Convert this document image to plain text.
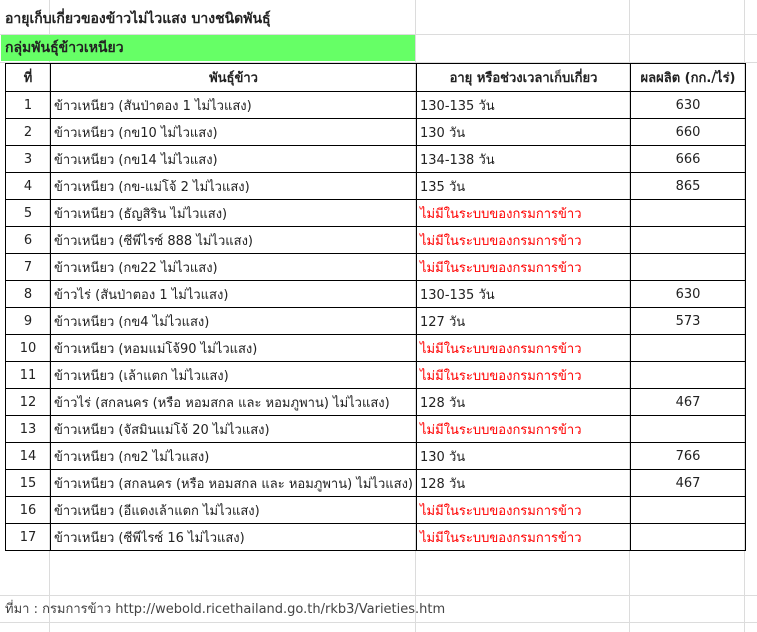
อายุเก็บเกี่ยวของข้าวไม่ไวแสง บางชนิดพันธุ์
กลุ่มพันธุ์ข้าวเหนียว
ที่	พันธุ์ข้าว	อายุ หรือช่วงเวลาเก็บเกี่ยว	ผลผลิต (กก./ไร่)
1	ข้าวเหนียว (สันป่าตอง 1 ไม่ไวแสง)	130-135 วัน	630
2	ข้าวเหนียว (กข10 ไม่ไวแสง)	130 วัน	660
3	ข้าวเหนียว (กข14 ไม่ไวแสง)	134-138 วัน	666
4	ข้าวเหนียว (กข-แม่โจ้ 2 ไม่ไวแสง)	135 วัน	865
5	ข้าวเหนียว (ธัญสิริน ไม่ไวแสง)	ไม่มีในระบบของกรมการข้าว	
6	ข้าวเหนียว (ซีพีไรซ์ 888 ไม่ไวแสง)	ไม่มีในระบบของกรมการข้าว	
7	ข้าวเหนียว (กข22 ไม่ไวแสง)	ไม่มีในระบบของกรมการข้าว	
8	ข้าวไร่ (สันป่าตอง 1 ไม่ไวแสง)	130-135 วัน	630
9	ข้าวเหนียว (กข4 ไม่ไวแสง)	127 วัน	573
10	ข้าวเหนียว (หอมแม่โจ้90 ไม่ไวแสง)	ไม่มีในระบบของกรมการข้าว	
11	ข้าวเหนียว (เล้าแตก ไม่ไวแสง)	ไม่มีในระบบของกรมการข้าว	
12	ข้าวไร่ (สกลนคร (หรือ หอมสกล และ หอมภูพาน) ไม่ไวแสง)	128 วัน	467
13	ข้าวเหนียว (จัสมินแม่โจ้ 20 ไม่ไวแสง)	ไม่มีในระบบของกรมการข้าว	
14	ข้าวเหนียว (กข2 ไม่ไวแสง)	130 วัน	766
15	ข้าวเหนียว (สกลนคร (หรือ หอมสกล และ หอมภูพาน) ไม่ไวแสง)	128 วัน	467
16	ข้าวเหนียว (อีแดงเล้าแตก ไม่ไวแสง)	ไม่มีในระบบของกรมการข้าว	
17	ข้าวเหนียว (ซีพีไรซ์ 16 ไม่ไวแสง)	ไม่มีในระบบของกรมการข้าว	
ที่มา : กรมการข้าว http://webold.ricethailand.go.th/rkb3/Varieties.htm
